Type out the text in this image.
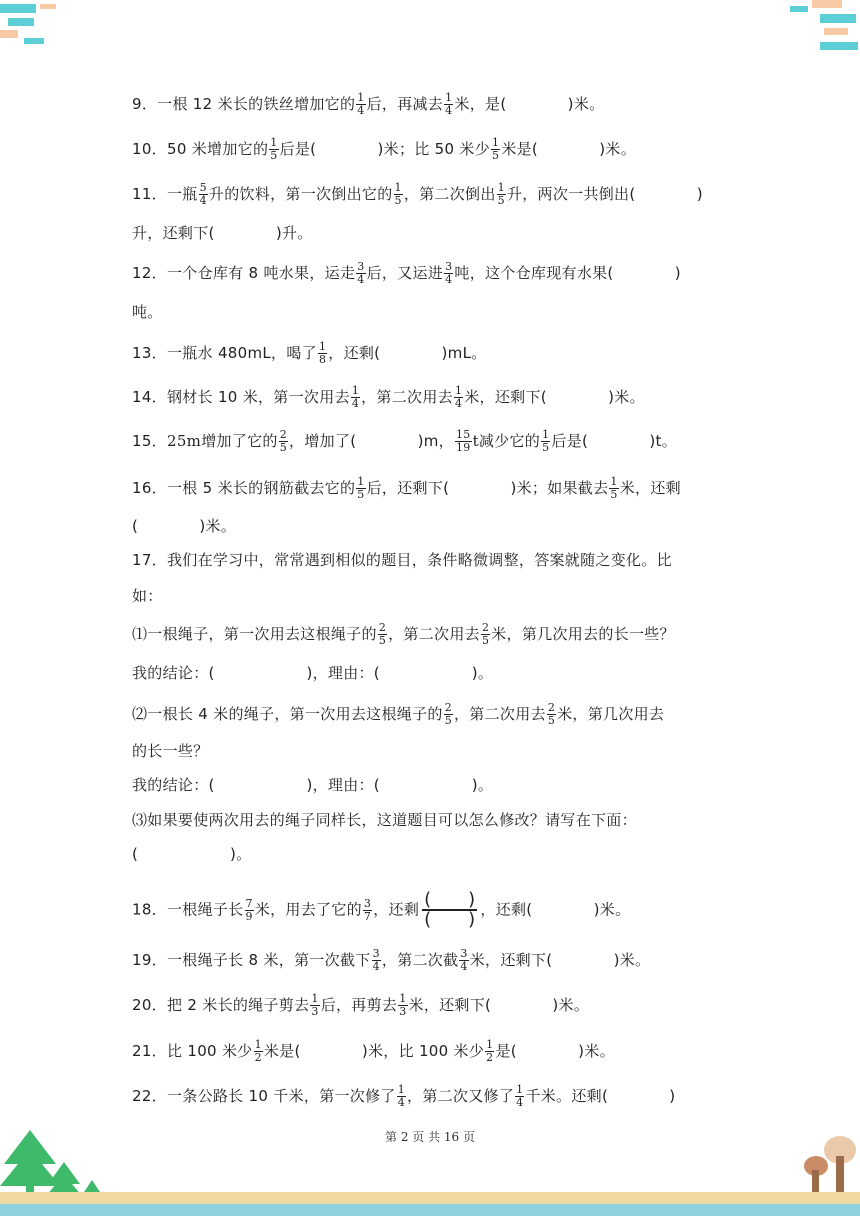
9．一根 12 米长的铁丝增加它的 $\frac{1}{4}$ 后，再减去 $\frac{1}{4}$ 米，是(　　　　)米。
10．50 米增加它的 $\frac{1}{5}$ 后是(　　　　)米；比 50 米少 $\frac{1}{5}$ 米是(　　　　)米。
11．一瓶 $\frac{5}{4}$ 升的饮料，第一次倒出它的 $\frac{1}{5}$ ，第二次倒出 $\frac{1}{5}$ 升，两次一共倒出(　　　　)
升，还剩下(　　　　)升。
12．一个仓库有 8 吨水果，运走 $\frac{3}{4}$ 后，又运进 $\frac{3}{4}$ 吨，这个仓库现有水果(　　　　)
吨。
13．一瓶水 480mL，喝了 $\frac{1}{8}$ ，还剩(　　　　)mL。
14．钢材长 10 米，第一次用去 $\frac{1}{4}$ ，第二次用去 $\frac{1}{4}$ 米，还剩下(　　　　)米。
15．25m增加了它的 $\frac{2}{5}$ ，增加了(　　　　)m， $\frac{15}{19}$ t减少它的 $\frac{1}{5}$ 后是(　　　　)t。
16．一根 5 米长的钢筋截去它的 $\frac{1}{5}$ 后，还剩下(　　　　)米；如果截去 $\frac{1}{5}$ 米，还剩
(　　　　)米。
17．我们在学习中，常常遇到相似的题目，条件略微调整，答案就随之变化。比
如：
⑴一根绳子，第一次用去这根绳子的 $\frac{2}{5}$ ，第二次用去 $\frac{2}{5}$ 米，第几次用去的长一些？
我的结论：(　　　　　　)，理由：(　　　　　　)。
⑵一根长 4 米的绳子，第一次用去这根绳子的 $\frac{2}{5}$ ，第二次用去 $\frac{2}{5}$ 米，第几次用去
的长一些？
我的结论：(　　　　　　)，理由：(　　　　　　)。
⑶如果要使两次用去的绳子同样长，这道题目可以怎么修改？请写在下面：
(　　　　　　)。
18．一根绳子长 $\frac{7}{9}$ 米，用去了它的 $\frac{3}{7}$ ，还剩 (　　)
(　　) ，还剩(　　　　)米。
19．一根绳子长 8 米，第一次截下 $\frac{3}{4}$ ，第二次截 $\frac{3}{4}$ 米，还剩下(　　　　)米。
20．把 2 米长的绳子剪去 $\frac{1}{3}$ 后，再剪去 $\frac{1}{3}$ 米，还剩下(　　　　)米。
21．比 100 米少 $\frac{1}{2}$ 米是(　　　　)米，比 100 米少 $\frac{1}{2}$ 是(　　　　)米。
22．一条公路长 10 千米，第一次修了 $\frac{1}{4}$ ，第二次又修了 $\frac{1}{4}$ 千米。还剩(　　　　)
第 2 页 共 16 页
